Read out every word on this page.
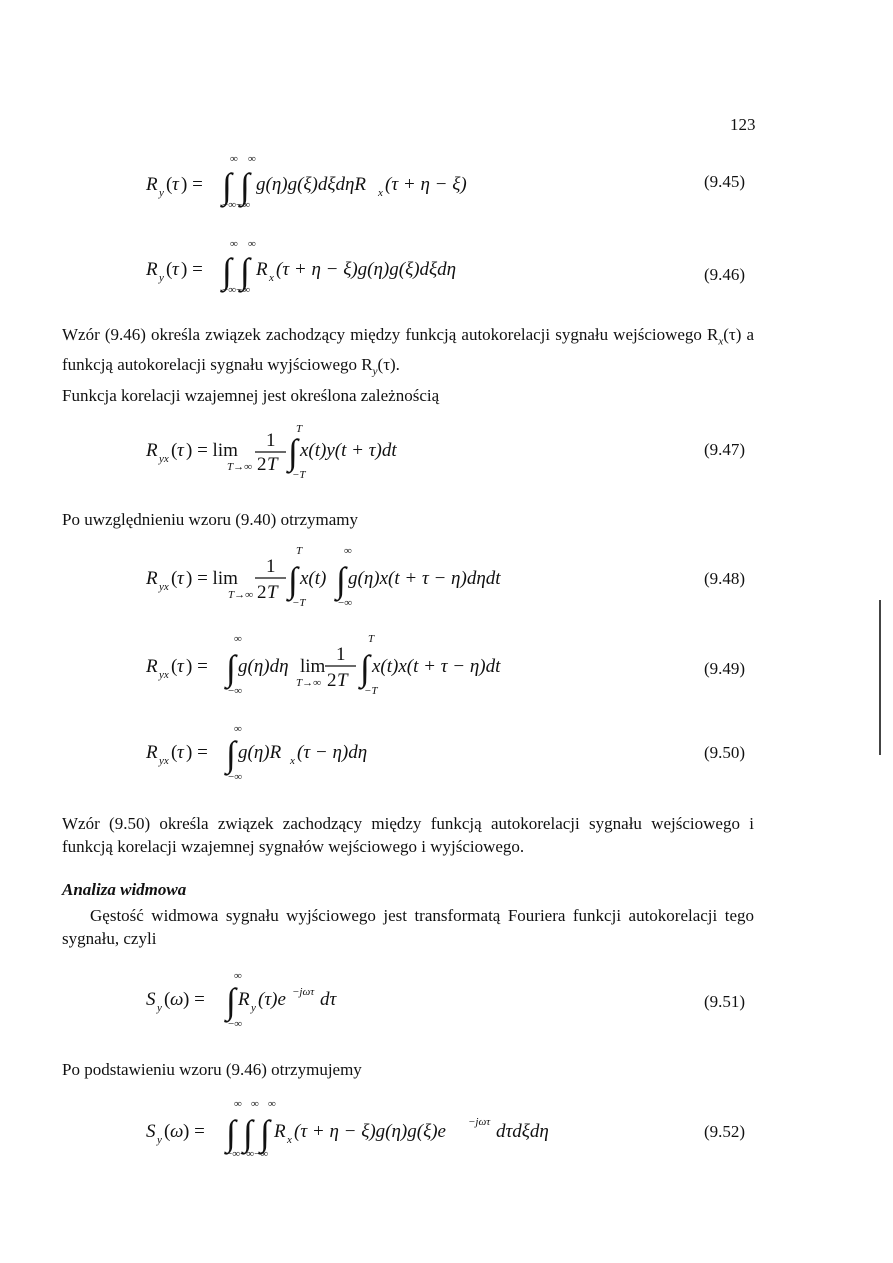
123
R y ( τ ) =
∞ ∞
∫ ∫
−∞−∞
g(η)g(ξ)dξdηR x (τ + η − ξ)	(9.45)
R y ( τ ) =
∞ ∞
∫ ∫
−∞−∞
R x (τ + η − ξ)g(η)g(ξ)dξdη	(9.46)

Wzór (9.46) określa związek zachodzący między funkcją autokorelacji sygnału wejściowego $R_x(\tau)$ a funkcją autokorelacji sygnału wyjściowego $R_y(\tau)$.
Funkcja korelacji wzajemnej jest określona zależnością

R yx ( τ ) = lim
T→∞
1
2 T
T
∫
−T
x(t)y(t + τ)dt	(9.47)

Po uwzględnieniu wzoru (9.40) otrzymamy

R yx ( τ ) = lim
T→∞
1
2 T
T
∫
−T
x(t)
∞
∫
−∞
g(η)x(t + τ − η)dηdt	(9.48)
R yx ( τ ) =
∞
∫
−∞
g(η)dη lim
T→∞
1
2 T
T
∫
−T
x(t)x(t + τ − η)dt	(9.49)
R yx ( τ ) =
∞
∫
−∞
g(η)R x (τ − η)dη	(9.50)

Wzór (9.50) określa związek zachodzący między funkcją autokorelacji sygnału wejściowego i funkcją korelacji wzajemnej sygnałów wejściowego i wyjściowego.

Analiza widmowa

Gęstość widmowa sygnału wyjściowego jest transformatą Fouriera funkcji autokorelacji tego sygnału, czyli

S y ( ω ) =
∞
∫
−∞
R y (τ)e −jωτ dτ	(9.51)

Po podstawieniu wzoru (9.46) otrzymujemy

S y ( ω ) =
∞ ∞ ∞
∫ ∫ ∫
−∞−∞−∞
R x (τ + η − ξ)g(η)g(ξ)e −jωτ dτdξdη	(9.52)
